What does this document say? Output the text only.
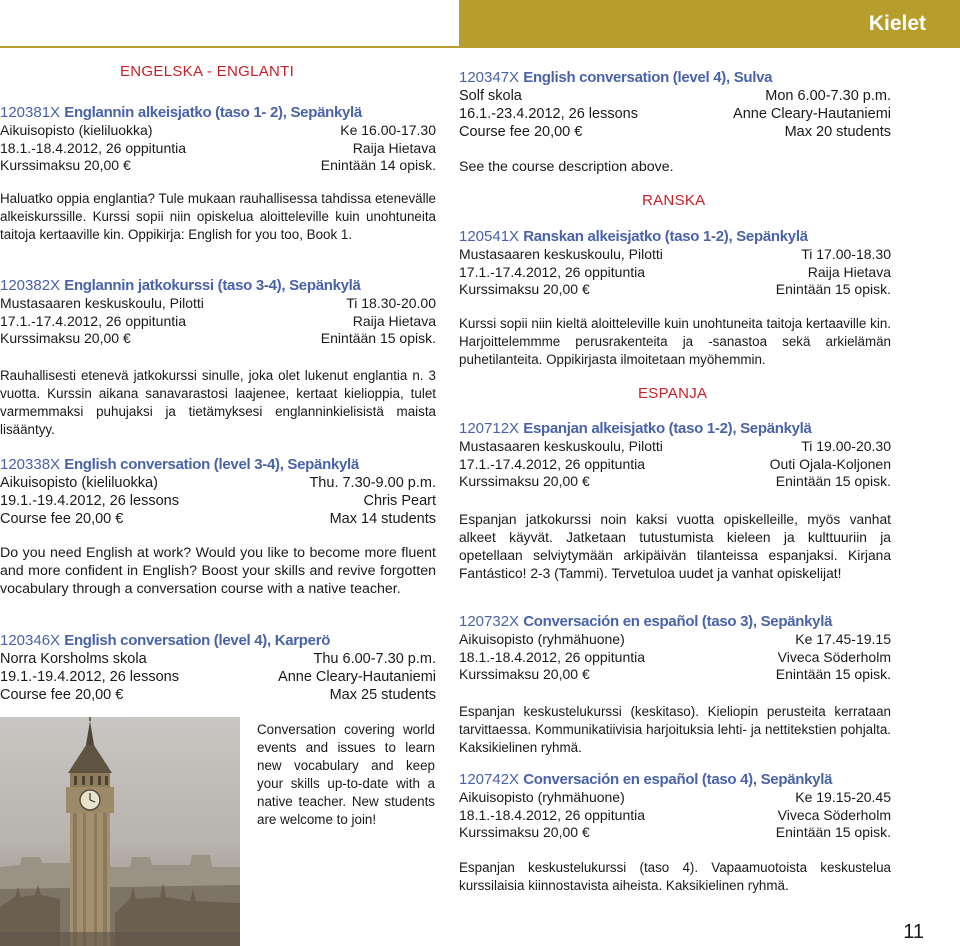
Kielet
ENGELSKA - ENGLANTI
120381X Englannin alkeisjatko (taso 1- 2), Sepänkylä
Aikuisopisto (kieliluokka)	Ke 16.00-17.30
18.1.-18.4.2012, 26 oppituntia	Raija Hietava
Kurssimaksu 20,00 €	Enintään 14 opisk.
Haluatko oppia englantia? Tule mukaan rauhallisessa tahdissa etenevälle alkeiskurssille. Kurssi sopii niin opiskelua aloitteleville kuin unohtuneita taitoja kertaaville kin. Oppikirja: English for you too, Book 1.
120382X Englannin jatkokurssi (taso 3-4), Sepänkylä
Mustasaaren keskuskoulu, Pilotti	Ti 18.30-20.00
17.1.-17.4.2012, 26 oppituntia	Raija Hietava
Kurssimaksu 20,00 €	Enintään 15 opisk.
Rauhallisesti etenevä jatkokurssi sinulle, joka olet lukenut englantia n. 3 vuotta. Kurssin aikana sanavarastosi laajenee, kertaat kielioppia, tulet varmemmaksi puhujaksi ja tietämyksesi englanninkielisistä maista lisääntyy.
120338X English conversation (level 3-4), Sepänkylä
Aikuisopisto (kieliluokka)	Thu. 7.30-9.00 p.m.
19.1.-19.4.2012, 26 lessons	Chris Peart
Course fee 20,00 €	Max 14 students
Do you need English at work? Would you like to become more fluent and more confident in English? Boost your skills and revive forgotten vocabulary through a conversation course with a native teacher.
120346X English conversation (level 4), Karperö
Norra Korsholms skola	Thu 6.00-7.30 p.m.
19.1.-19.4.2012, 26 lessons	Anne Cleary-Hautaniemi
Course fee 20,00 €	Max 25 students
Conversation covering world events and issues to learn new vocabulary and keep your skills up-to-date with a native teacher. New students are welcome to join!
120347X English conversation (level 4), Sulva
Solf skola	Mon 6.00-7.30 p.m.
16.1.-23.4.2012, 26 lessons	Anne Cleary-Hautaniemi
Course fee 20,00 €	Max 20 students
See the course description above.
RANSKA
120541X Ranskan alkeisjatko (taso 1-2), Sepänkylä
Mustasaaren keskuskoulu, Pilotti	Ti 17.00-18.30
17.1.-17.4.2012, 26 oppituntia	Raija Hietava
Kurssimaksu 20,00 €	Enintään 15 opisk.
Kurssi sopii niin kieltä aloitteleville kuin unohtuneita taitoja kertaaville kin. Harjoittelemmme perusrakenteita ja -sanastoa sekä arkielämän puhetilanteita. Oppikirjasta ilmoitetaan myöhemmin.
ESPANJA
120712X Espanjan alkeisjatko (taso 1-2), Sepänkylä
Mustasaaren keskuskoulu, Pilotti	Ti 19.00-20.30
17.1.-17.4.2012, 26 oppituntia	Outi Ojala-Koljonen
Kurssimaksu 20,00 €	Enintään 15 opisk.
Espanjan jatkokurssi noin kaksi vuotta opiskelleille, myös vanhat alkeet käyvät. Jatketaan tutustumista kieleen ja kulttuuriin ja opetellaan selviytymään arkipäivän tilanteissa espanjaksi. Kirjana Fantástico! 2-3 (Tammi). Tervetuloa uudet ja vanhat opiskelijat!
120732X Conversación en español (taso 3), Sepänkylä
Aikuisopisto (ryhmähuone)	Ke 17.45-19.15
18.1.-18.4.2012, 26 oppituntia	Viveca Söderholm
Kurssimaksu 20,00 €	Enintään 15 opisk.
Espanjan keskustelukurssi (keskitaso). Kieliopin perusteita kerrataan tarvittaessa. Kommunikatiivisia harjoituksia lehti- ja nettitekstien pohjalta. Kaksikielinen ryhmä.
120742X Conversación en español (taso 4), Sepänkylä
Aikuisopisto (ryhmähuone)	Ke 19.15-20.45
18.1.-18.4.2012, 26 oppituntia	Viveca Söderholm
Kurssimaksu 20,00 €	Enintään 15 opisk.
Espanjan keskustelukurssi (taso 4). Vapaamuotoista keskustelua kurssilaisia kiinnostavista aiheista. Kaksikielinen ryhmä.
11
